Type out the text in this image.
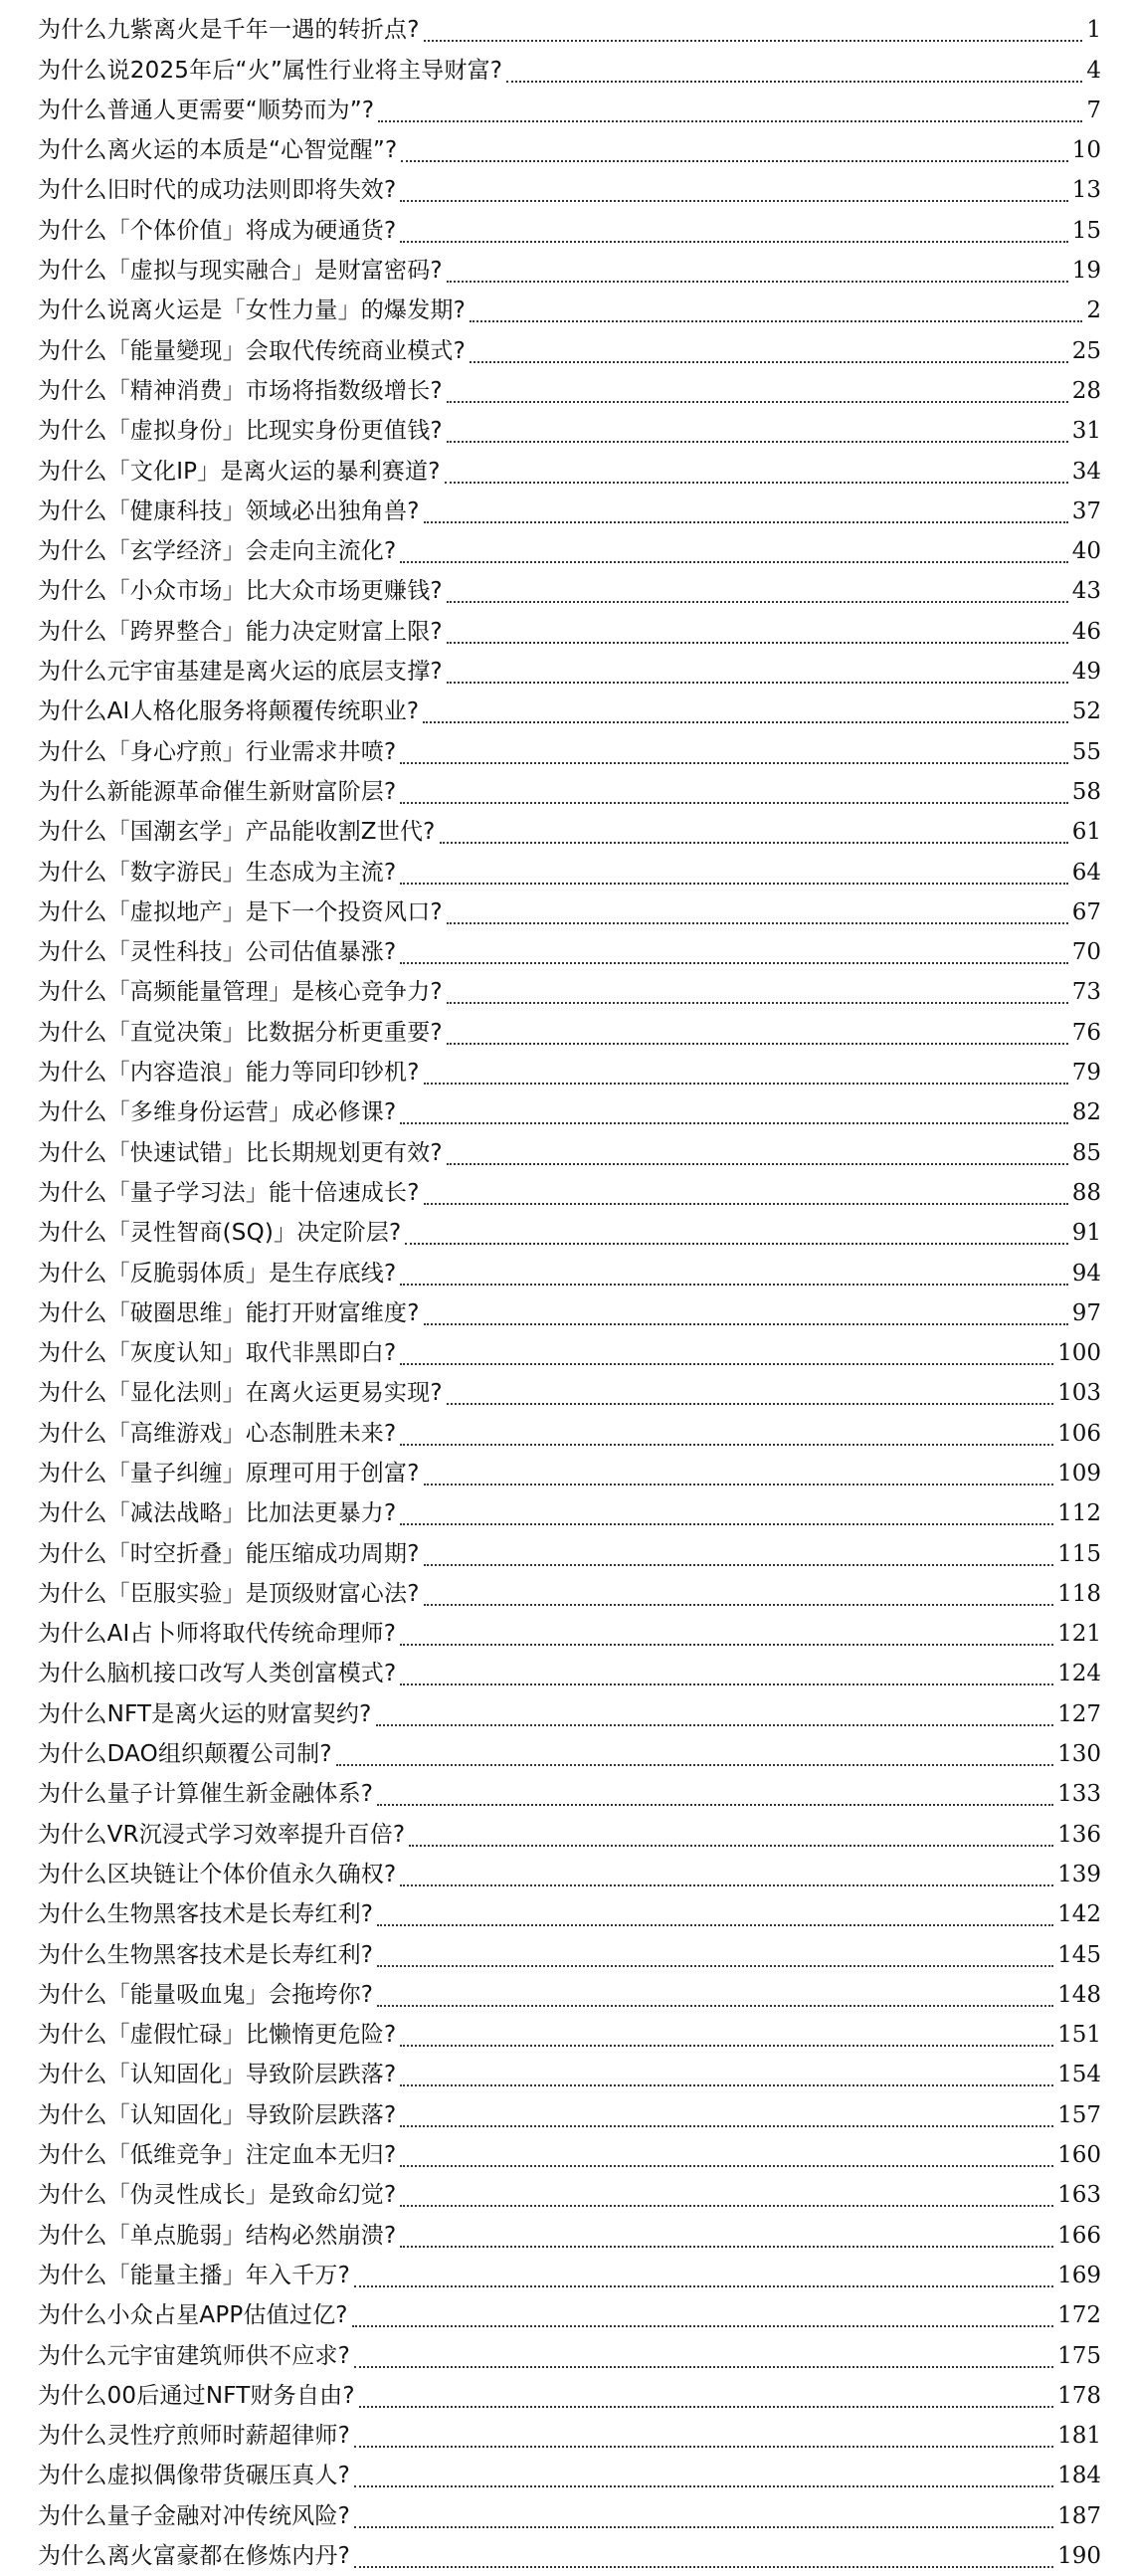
为什么九紫离火是千年一遇的转折点?	1
为什么说2025年后“火”属性行业将主导财富?	4
为什么普通人更需要“顺势而为”?	7
为什么离火运的本质是“心智觉醒”?	10
为什么旧时代的成功法则即将失效?	13
为什么「个体价值」将成为硬通货?	15
为什么「虚拟与现实融合」是财富密码?	19
为什么说离火运是「女性力量」的爆发期?	2
为什么「能量變现」会取代传统商业模式?	25
为什么「精神消费」市场将指数级增长?	28
为什么「虚拟身份」比现实身份更值钱?	31
为什么「文化IP」是离火运的暴利赛道?	34
为什么「健康科技」领域必出独角兽?	37
为什么「玄学经济」会走向主流化?	40
为什么「小众市场」比大众市场更赚钱?	43
为什么「跨界整合」能力决定财富上限?	46
为什么元宇宙基建是离火运的底层支撑?	49
为什么AI人格化服务将颠覆传统职业?	52
为什么「身心疗煎」行业需求井喷?	55
为什么新能源革命催生新财富阶层?	58
为什么「国潮玄学」产品能收割Z世代?	61
为什么「数字游民」生态成为主流?	64
为什么「虚拟地产」是下一个投资风口?	67
为什么「灵性科技」公司估值暴涨?	70
为什么「高频能量管理」是核心竞争力?	73
为什么「直觉决策」比数据分析更重要?	76
为什么「内容造浪」能力等同印钞机?	79
为什么「多维身份运营」成必修课?	82
为什么「快速试错」比长期规划更有效?	85
为什么「量子学习法」能十倍速成长?	88
为什么「灵性智商(SQ)」决定阶层?	91
为什么「反脆弱体质」是生存底线?	94
为什么「破圈思维」能打开财富维度?	97
为什么「灰度认知」取代非黑即白?	100
为什么「显化法则」在离火运更易实现?	103
为什么「高维游戏」心态制胜未来?	106
为什么「量子纠缠」原理可用于创富?	109
为什么「减法战略」比加法更暴力?	112
为什么「时空折叠」能压缩成功周期?	115
为什么「臣服实验」是顶级财富心法?	118
为什么AI占卜师将取代传统命理师?	121
为什么脑机接口改写人类创富模式?	124
为什么NFT是离火运的财富契约?	127
为什么DAO组织颠覆公司制?	130
为什么量子计算催生新金融体系?	133
为什么VR沉浸式学习效率提升百倍?	136
为什么区块链让个体价值永久确权?	139
为什么生物黑客技术是长寿红利?	142
为什么生物黑客技术是长寿红利?	145
为什么「能量吸血鬼」会拖垮你?	148
为什么「虚假忙碌」比懒惰更危险?	151
为什么「认知固化」导致阶层跌落?	154
为什么「认知固化」导致阶层跌落?	157
为什么「低维竞争」注定血本无归?	160
为什么「伪灵性成长」是致命幻觉?	163
为什么「单点脆弱」结构必然崩溃?	166
为什么「能量主播」年入千万?	169
为什么小众占星APP估值过亿?	172
为什么元宇宙建筑师供不应求?	175
为什么00后通过NFT财务自由?	178
为什么灵性疗煎师时薪超律师?	181
为什么虚拟偶像带货碾压真人?	184
为什么量子金融对冲传统风险?	187
为什么离火富豪都在修炼内丹?	190
